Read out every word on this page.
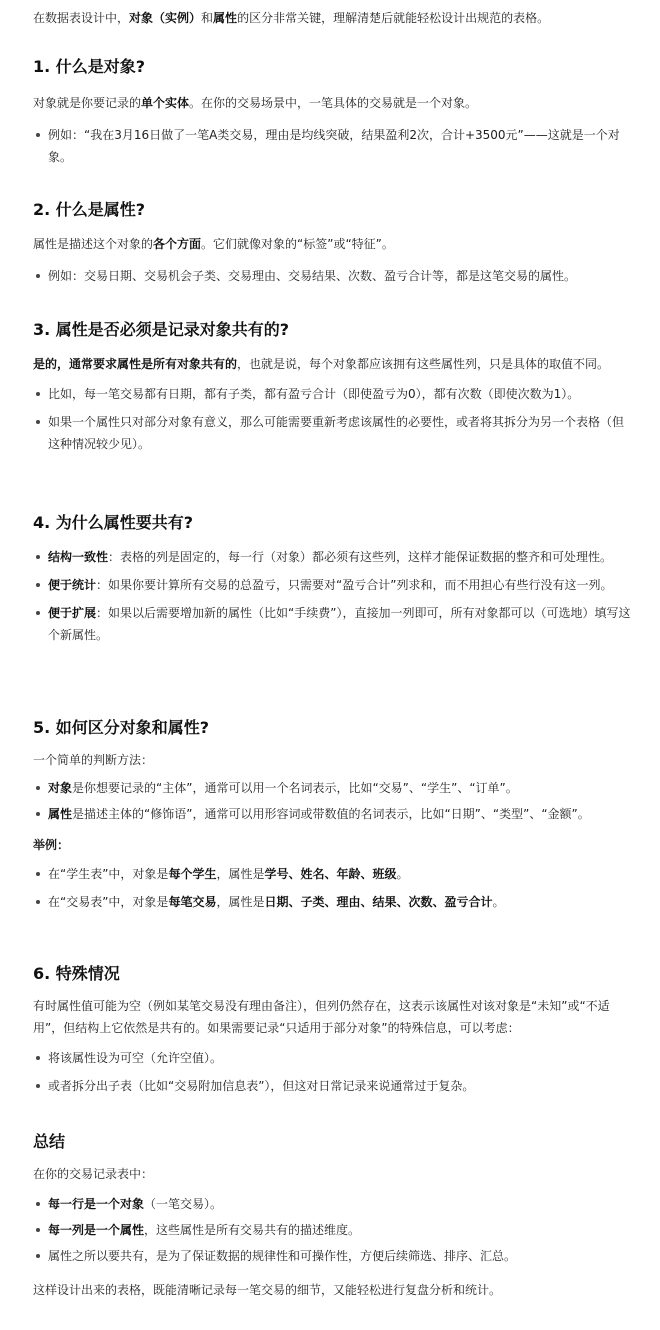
在数据表设计中，对象（实例）和属性的区分非常关键，理解清楚后就能轻松设计出规范的表格。

1. 什么是对象?

对象就是你要记录的单个实体。在你的交易场景中，一笔具体的交易就是一个对象。

例如：“我在3月16日做了一笔A类交易，理由是均线突破，结果盈利2次，合计+3500元”——这就是一个对象。
2. 什么是属性?

属性是描述这个对象的各个方面。它们就像对象的“标签”或“特征”。

例如：交易日期、交易机会子类、交易理由、交易结果、次数、盈亏合计等，都是这笔交易的属性。
3. 属性是否必须是记录对象共有的?

是的，通常要求属性是所有对象共有的，也就是说，每个对象都应该拥有这些属性列，只是具体的取值不同。

比如，每一笔交易都有日期，都有子类，都有盈亏合计（即使盈亏为0），都有次数（即使次数为1）。
如果一个属性只对部分对象有意义，那么可能需要重新考虑该属性的必要性，或者将其拆分为另一个表格（但这种情况较少见）。
4. 为什么属性要共有?
结构一致性：表格的列是固定的，每一行（对象）都必须有这些列，这样才能保证数据的整齐和可处理性。
便于统计：如果你要计算所有交易的总盈亏，只需要对“盈亏合计”列求和，而不用担心有些行没有这一列。
便于扩展：如果以后需要增加新的属性（比如“手续费”），直接加一列即可，所有对象都可以（可选地）填写这个新属性。
5. 如何区分对象和属性?

一个简单的判断方法：

对象是你想要记录的“主体”，通常可以用一个名词表示，比如“交易”、“学生”、“订单”。
属性是描述主体的“修饰语”，通常可以用形容词或带数值的名词表示，比如“日期”、“类型”、“金额”。

举例：

在“学生表”中，对象是每个学生，属性是学号、姓名、年龄、班级。
在“交易表”中，对象是每笔交易，属性是日期、子类、理由、结果、次数、盈亏合计。
6. 特殊情况

有时属性值可能为空（例如某笔交易没有理由备注），但列仍然存在，这表示该属性对该对象是“未知”或“不适用”，但结构上它依然是共有的。如果需要记录“只适用于部分对象”的特殊信息，可以考虑：

将该属性设为可空（允许空值）。
或者拆分出子表（比如“交易附加信息表”），但这对日常记录来说通常过于复杂。
总结

在你的交易记录表中：

每一行是一个对象（一笔交易）。
每一列是一个属性，这些属性是所有交易共有的描述维度。
属性之所以要共有，是为了保证数据的规律性和可操作性，方便后续筛选、排序、汇总。

这样设计出来的表格，既能清晰记录每一笔交易的细节，又能轻松进行复盘分析和统计。
